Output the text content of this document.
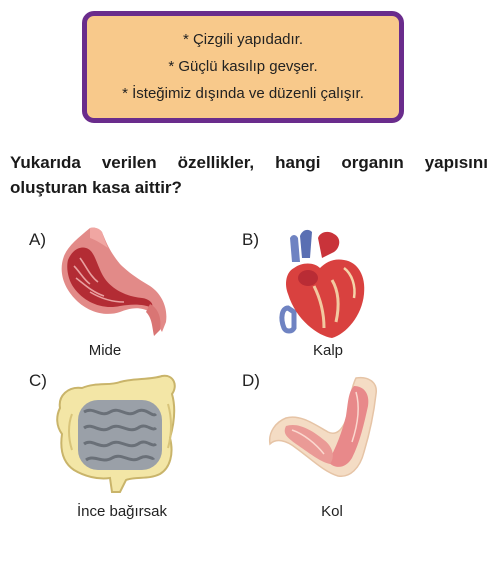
* Çizgili yapıdadır.
* Güçlü kasılıp gevşer.
* İsteğimiz dışında ve düzenli çalışır.
Yukarıda verilen özellikler, hangi organın yapısını oluşturan kasa aittir?
A)
Mide
B)
Kalp
C)
İnce bağırsak
D)
Kol
